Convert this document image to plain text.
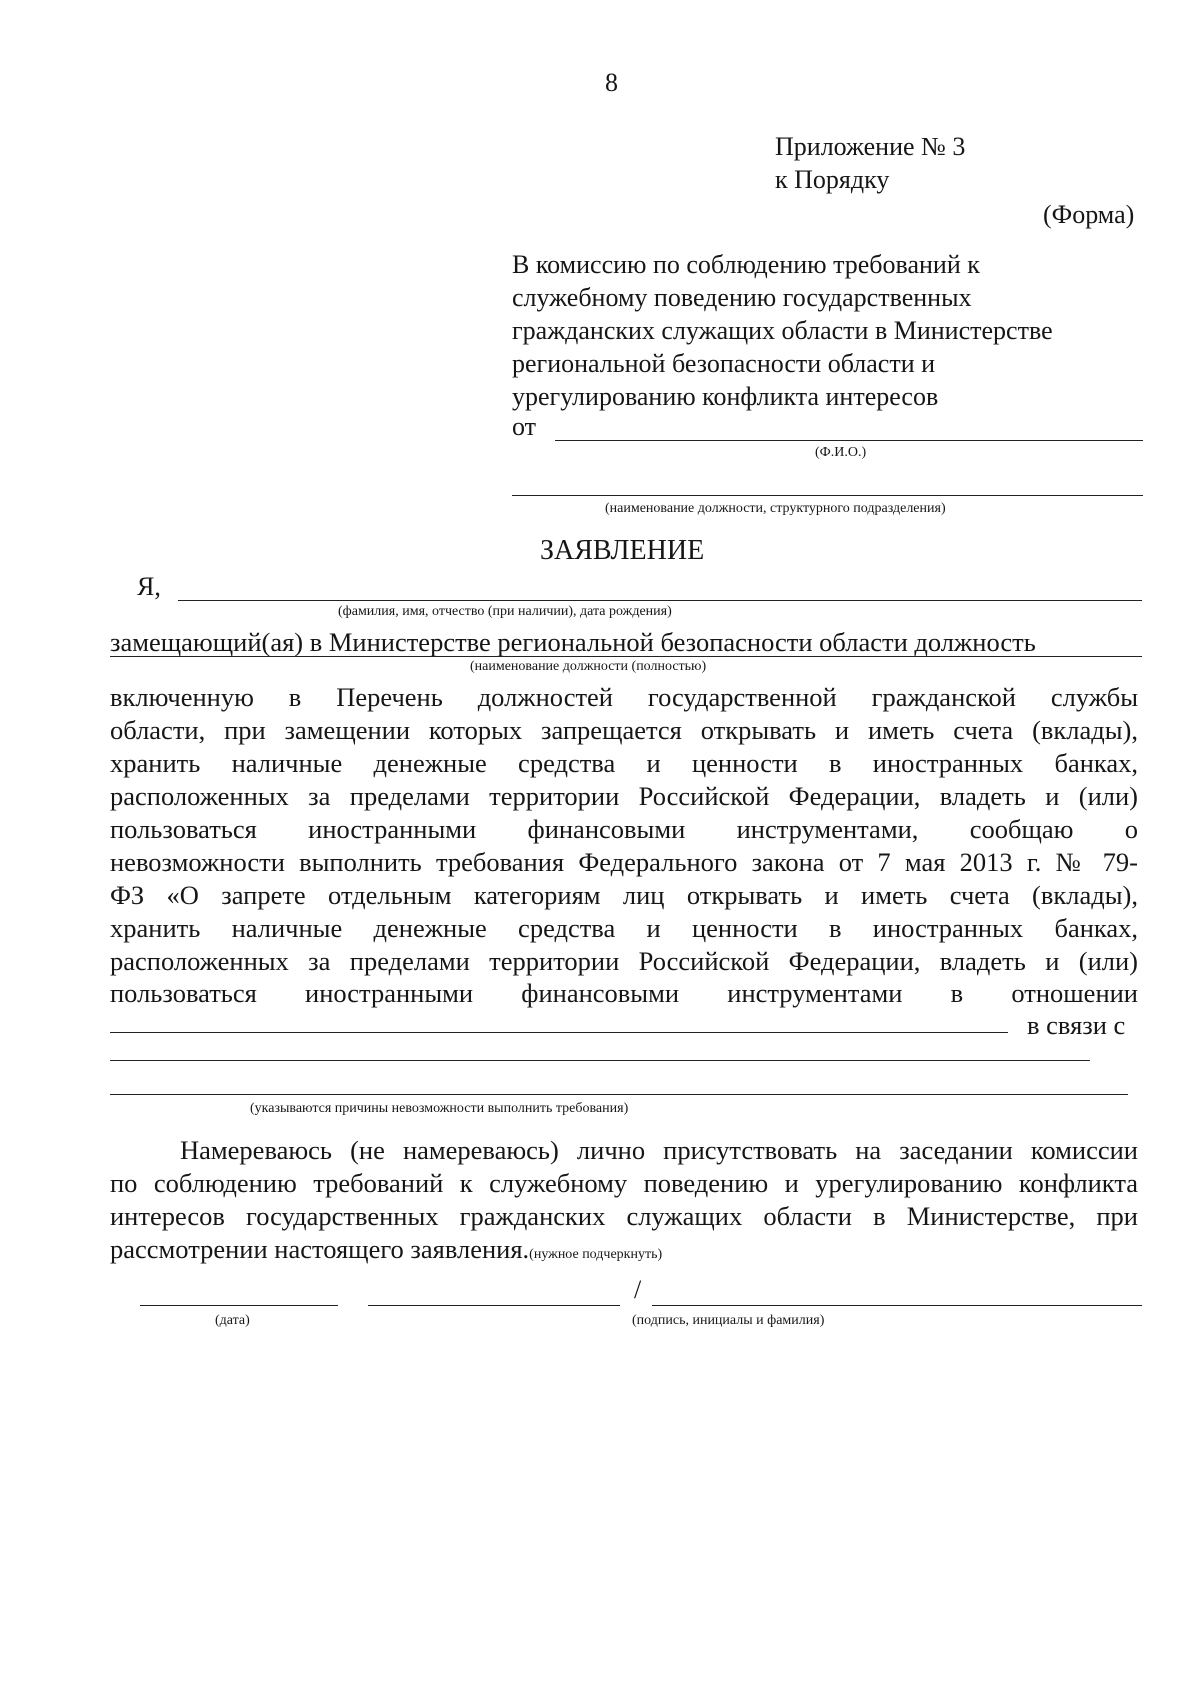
8
Приложение № 3
к Порядку
(Форма)
В комиссию по соблюдению требований к
служебному поведению государственных
гражданских служащих области в Министерстве
региональной безопасности области и
урегулированию конфликта интересов
от
(Ф.И.О.)
(наименование должности, структурного подразделения)
ЗАЯВЛЕНИЕ
Я,
(фамилия, имя, отчество (при наличии), дата рождения)
замещающий(ая) в Министерстве региональной безопасности области должность
(наименование должности (полностью)
включенную в Перечень должностей государственной гражданской службы
области, при замещении которых запрещается открывать и иметь счета (вклады),
хранить наличные денежные средства и ценности в иностранных банках,
расположенных за пределами территории Российской Федерации, владеть и (или)
пользоваться иностранными финансовыми инструментами, сообщаю о
невозможности выполнить требования Федерального закона от 7 мая 2013 г. № 79-
ФЗ «О запрете отдельным категориям лиц открывать и иметь счета (вклады),
хранить наличные денежные средства и ценности в иностранных банках,
расположенных за пределами территории Российской Федерации, владеть и (или)
пользоваться иностранными финансовыми инструментами в отношении
в связи с
(указываются причины невозможности выполнить требования)
Намереваюсь (не намереваюсь) лично присутствовать на заседании комиссии
по соблюдению требований к служебному поведению и урегулированию конфликта
интересов государственных гражданских служащих области в Министерстве, при
рассмотрении настоящего заявления.(нужное подчеркнуть)
/
(дата)	(подпись, инициалы и фамилия)
